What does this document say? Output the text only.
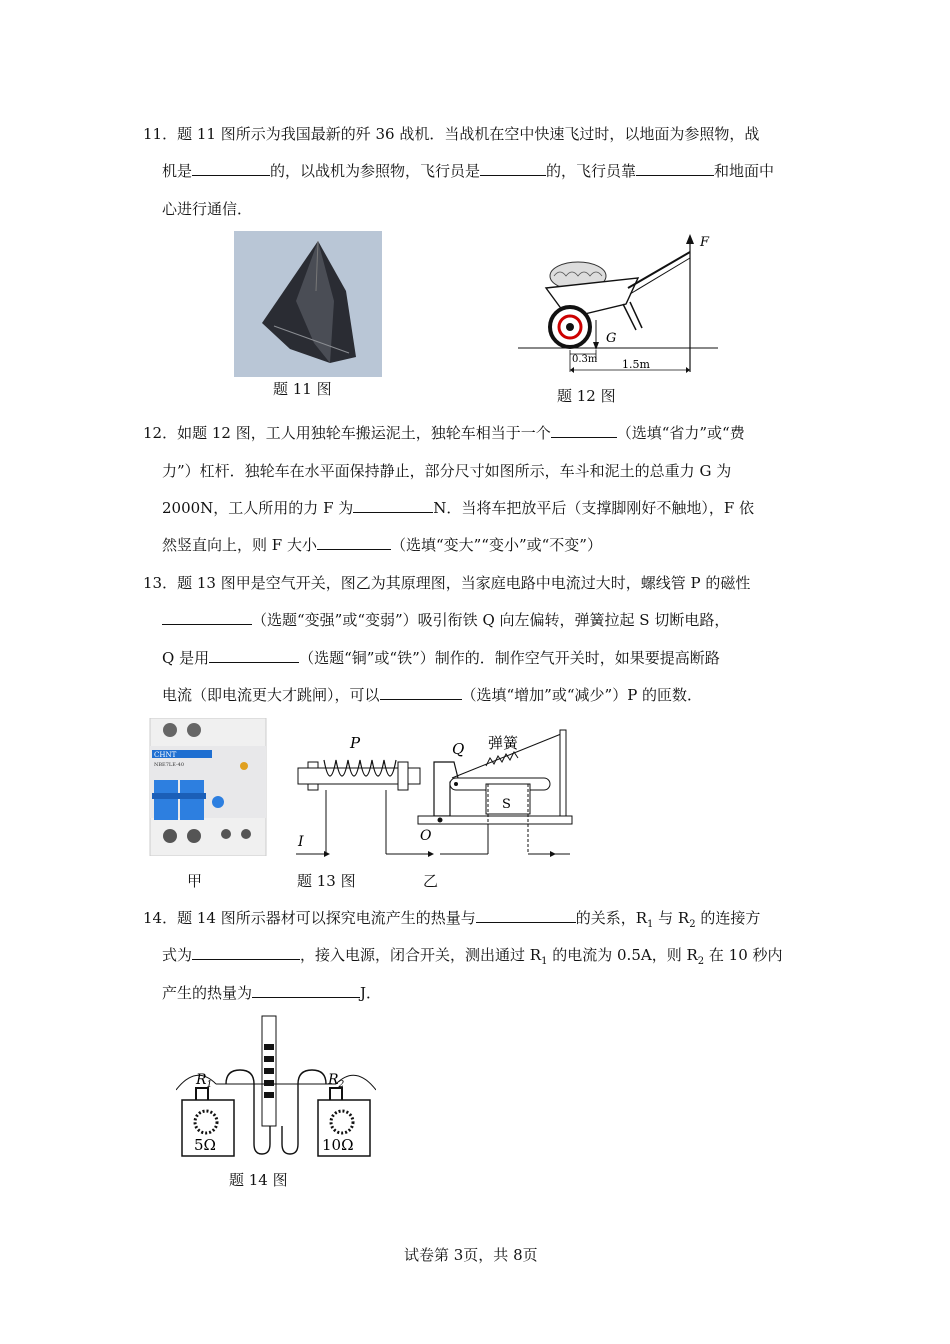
11．题 11 图所示为我国最新的歼 36 战机．当战机在空中快速飞过时，以地面为参照物，战
机是	的，以战机为参照物，飞行员是	的，飞行员靠	和地面中
心进行通信．
题 11 图
F
G
0.3m 1.5m
题 12 图
12．如题 12 图，工人用独轮车搬运泥土，独轮车相当于一个	（选填“省力”或“费
力”）杠杆．独轮车在水平面保持静止，部分尺寸如图所示，车斗和泥土的总重力 G 为
2000N，工人所用的力 F 为	N．当将车把放平后（支撑脚刚好不触地），F 依
然竖直向上，则 F 大小	（选填“变大”“变小”或“不变”）
13．题 13 图甲是空气开关，图乙为其原理图，当家庭电路中电流过大时，螺线管 P 的磁性
（选题“变强”或“变弱”）吸引衔铁 Q 向左偏转，弹簧拉起 S 切断电路，
Q 是用	（选题“铜”或“铁”）制作的．制作空气开关时，如果要提高断路
电流（即电流更大才跳闸），可以	（选填“增加”或“减少”）P 的匝数．
CHNT
NBE7LE-40
P
I
Q
O
弹簧
S
甲	题 13 图	乙
14．题 14 图所示器材可以探究电流产生的热量与	的关系，$R_1$ 与 $R_2$ 的连接方
式为	，接入电源，闭合开关，测出通过 $R_1$ 的电流为 0.5A，则 $R_2$ 在 10 秒内
产生的热量为	J．
$R_1$	$R_2$
5Ω	10Ω
题 14 图
试卷第 3页，共 8页
